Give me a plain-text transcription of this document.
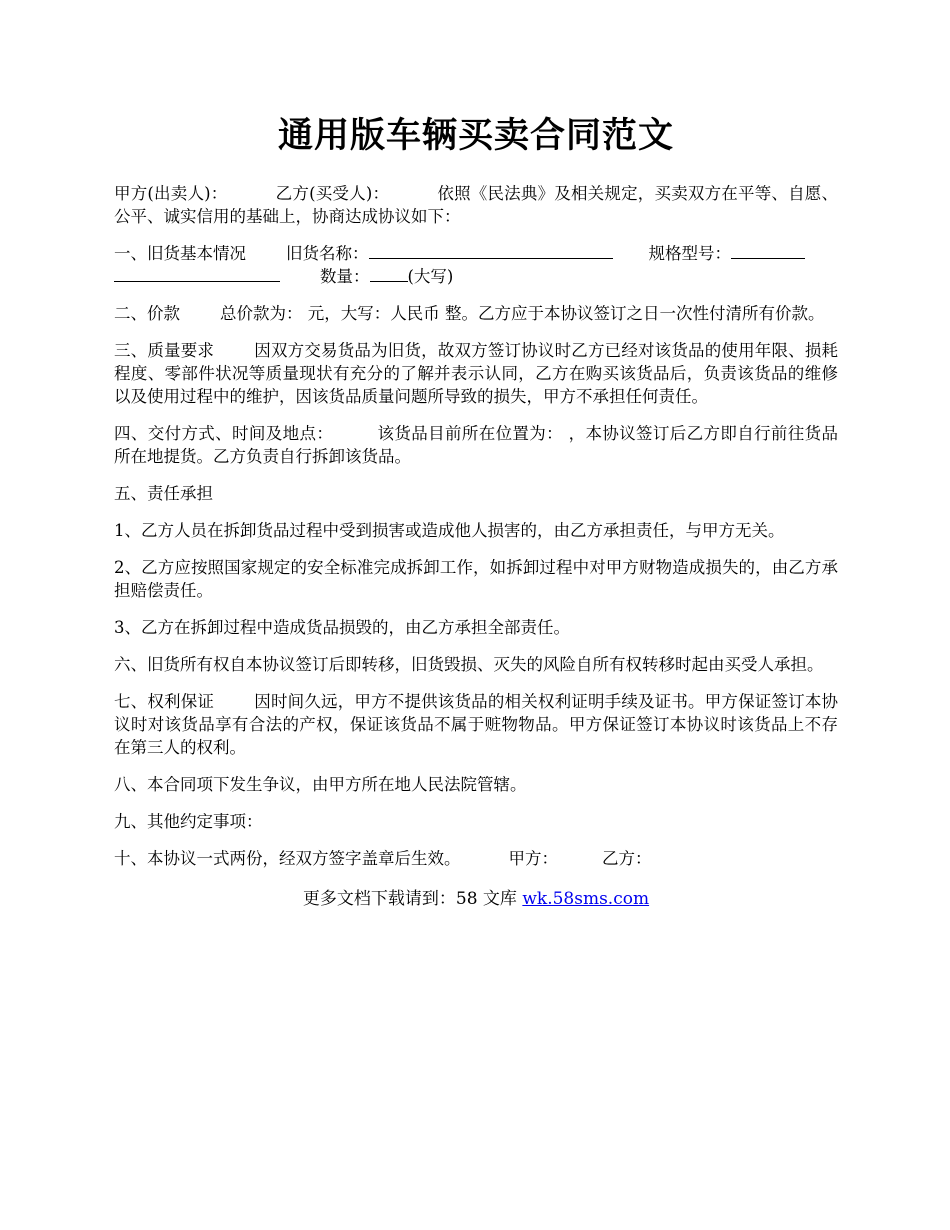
通用版车辆买卖合同范文

甲方(出卖人)：	乙方(买受人)：	依照《民法典》及相关规定，买卖双方在平等、自愿、公平、诚实信用的基础上，协商达成协议如下：

一、旧货基本情况 旧货名称：	规格型号：
数量： (大写)

二、价款 总价款为： 元，大写：人民币 整。乙方应于本协议签订之日一次性付清所有价款。

三、质量要求 因双方交易货品为旧货，故双方签订协议时乙方已经对该货品的使用年限、损耗程度、零部件状况等质量现状有充分的了解并表示认同，乙方在购买该货品后，负责该货品的维修以及使用过程中的维护，因该货品质量问题所导致的损失，甲方不承担任何责任。

四、交付方式、时间及地点：	该货品目前所在位置为： ，本协议签订后乙方即自行前往货品所在地提货。乙方负责自行拆卸该货品。

五、责任承担

1、乙方人员在拆卸货品过程中受到损害或造成他人损害的，由乙方承担责任，与甲方无关。

2、乙方应按照国家规定的安全标准完成拆卸工作，如拆卸过程中对甲方财物造成损失的，由乙方承担赔偿责任。

3、乙方在拆卸过程中造成货品损毁的，由乙方承担全部责任。

六、旧货所有权自本协议签订后即转移，旧货毁损、灭失的风险自所有权转移时起由买受人承担。

七、权利保证 因时间久远，甲方不提供该货品的相关权利证明手续及证书。甲方保证签订本协议时对该货品享有合法的产权，保证该货品不属于赃物物品。甲方保证签订本协议时该货品上不存在第三人的权利。

八、本合同项下发生争议，由甲方所在地人民法院管辖。

九、其他约定事项：

十、本协议一式两份，经双方签字盖章后生效。	甲方：	乙方：

更多文档下载请到：58 文库 wk.58sms.com
